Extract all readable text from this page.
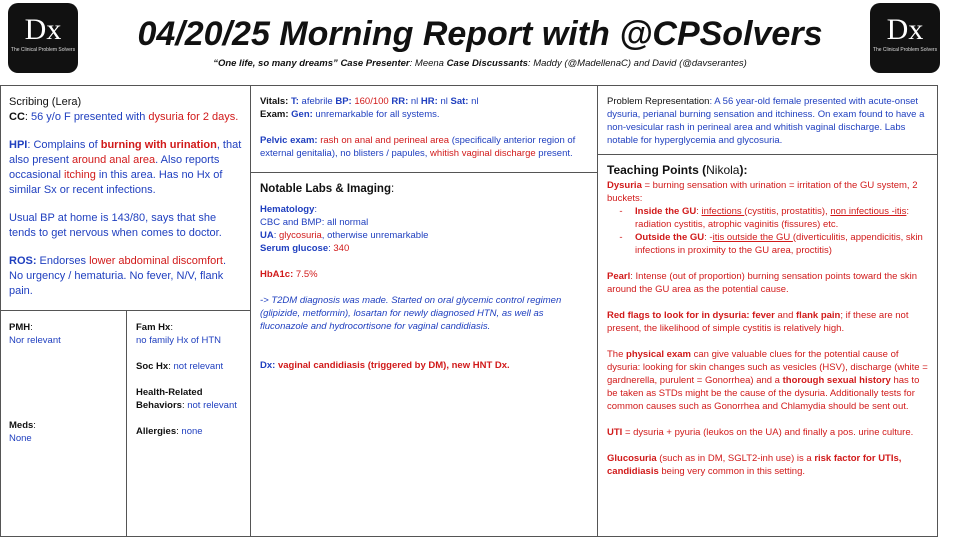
Dx
The Clinical Problem Solvers
Dx
The Clinical Problem Solvers
04/20/25 Morning Report with @CPSolvers
“One life, so many dreams” Case Presenter: Meena Case Discussants: Maddy (@MadellenaC) and David (@davserantes)

Scribing (Lera)

CC: 56 y/o F presented with dysuria for 2 days.

HPI: Complains of burning with urination, that also present around anal area. Also reports occasional itching in this area. Has no Hx of similar Sx or recent infections.

Usual BP at home is 143/80, says that she tends to get nervous when comes to doctor.

ROS: Endorses lower abdominal discomfort. No urgency / hematuria. No fever, N/V, flank pain.

PMH:

Nor relevant

Meds:

None

Fam Hx:

no family Hx of HTN

Soc Hx: not relevant

Health-Related Behaviors: not relevant

Allergies: none

Vitals: T: afebrile BP: 160/100 RR: nl HR: nl Sat: nl

Exam: Gen: unremarkable for all systems.

Pelvic exam: rash on anal and perineal area (specifically anterior region of external genitalia), no blisters / papules, whitish vaginal discharge present.

Notable Labs & Imaging:

Hematology:

CBC and BMP: all normal

UA: glycosuria, otherwise unremarkable

Serum glucose: 340

HbA1c: 7.5%

-> T2DM diagnosis was made. Started on oral glycemic control regimen (glipizide, metformin), losartan for newly diagnosed HTN, as well as fluconazole and hydrocortisone for vaginal candidiasis.

Dx: vaginal candidiasis (triggered by DM), new HNT Dx.

Problem Representation: A 56 year-old female presented with acute-onset dysuria, perianal burning sensation and itchiness. On exam found to have a non-vesicular rash in perineal area and whitish vaginal discharge. Labs notable for hyperglycemia and glycosuria.

Teaching Points (Nikola):

Dysuria = burning sensation with urination = irritation of the GU system, 2 buckets:

-	Inside the GU: infections (cystitis, prostatitis), non infectious -itis: radiation cystitis, atrophic vaginitis (fissures) etc.
-	Outside the GU: -itis outside the GU (diverticulitis, appendicitis, skin infections in proximity to the GU area, proctitis)

Pearl: Intense (out of proportion) burning sensation points toward the skin around the GU area as the potential cause.

Red flags to look for in dysuria: fever and flank pain; if these are not present, the likelihood of simple cystitis is relatively high.

The physical exam can give valuable clues for the potential cause of dysuria: looking for skin changes such as vesicles (HSV), discharge (white = gardnerella, purulent = Gonorrhea) and a thorough sexual history has to be taken as STDs might be the cause of the dysuria. Additionally tests for common causes such as Gonorrhea and Chlamydia should be sent out.

UTI = dysuria + pyuria (leukos on the UA) and finally a pos. urine culture.

Glucosuria (such as in DM, SGLT2-inh use) is a risk factor for UTIs, candidiasis being very common in this setting.
